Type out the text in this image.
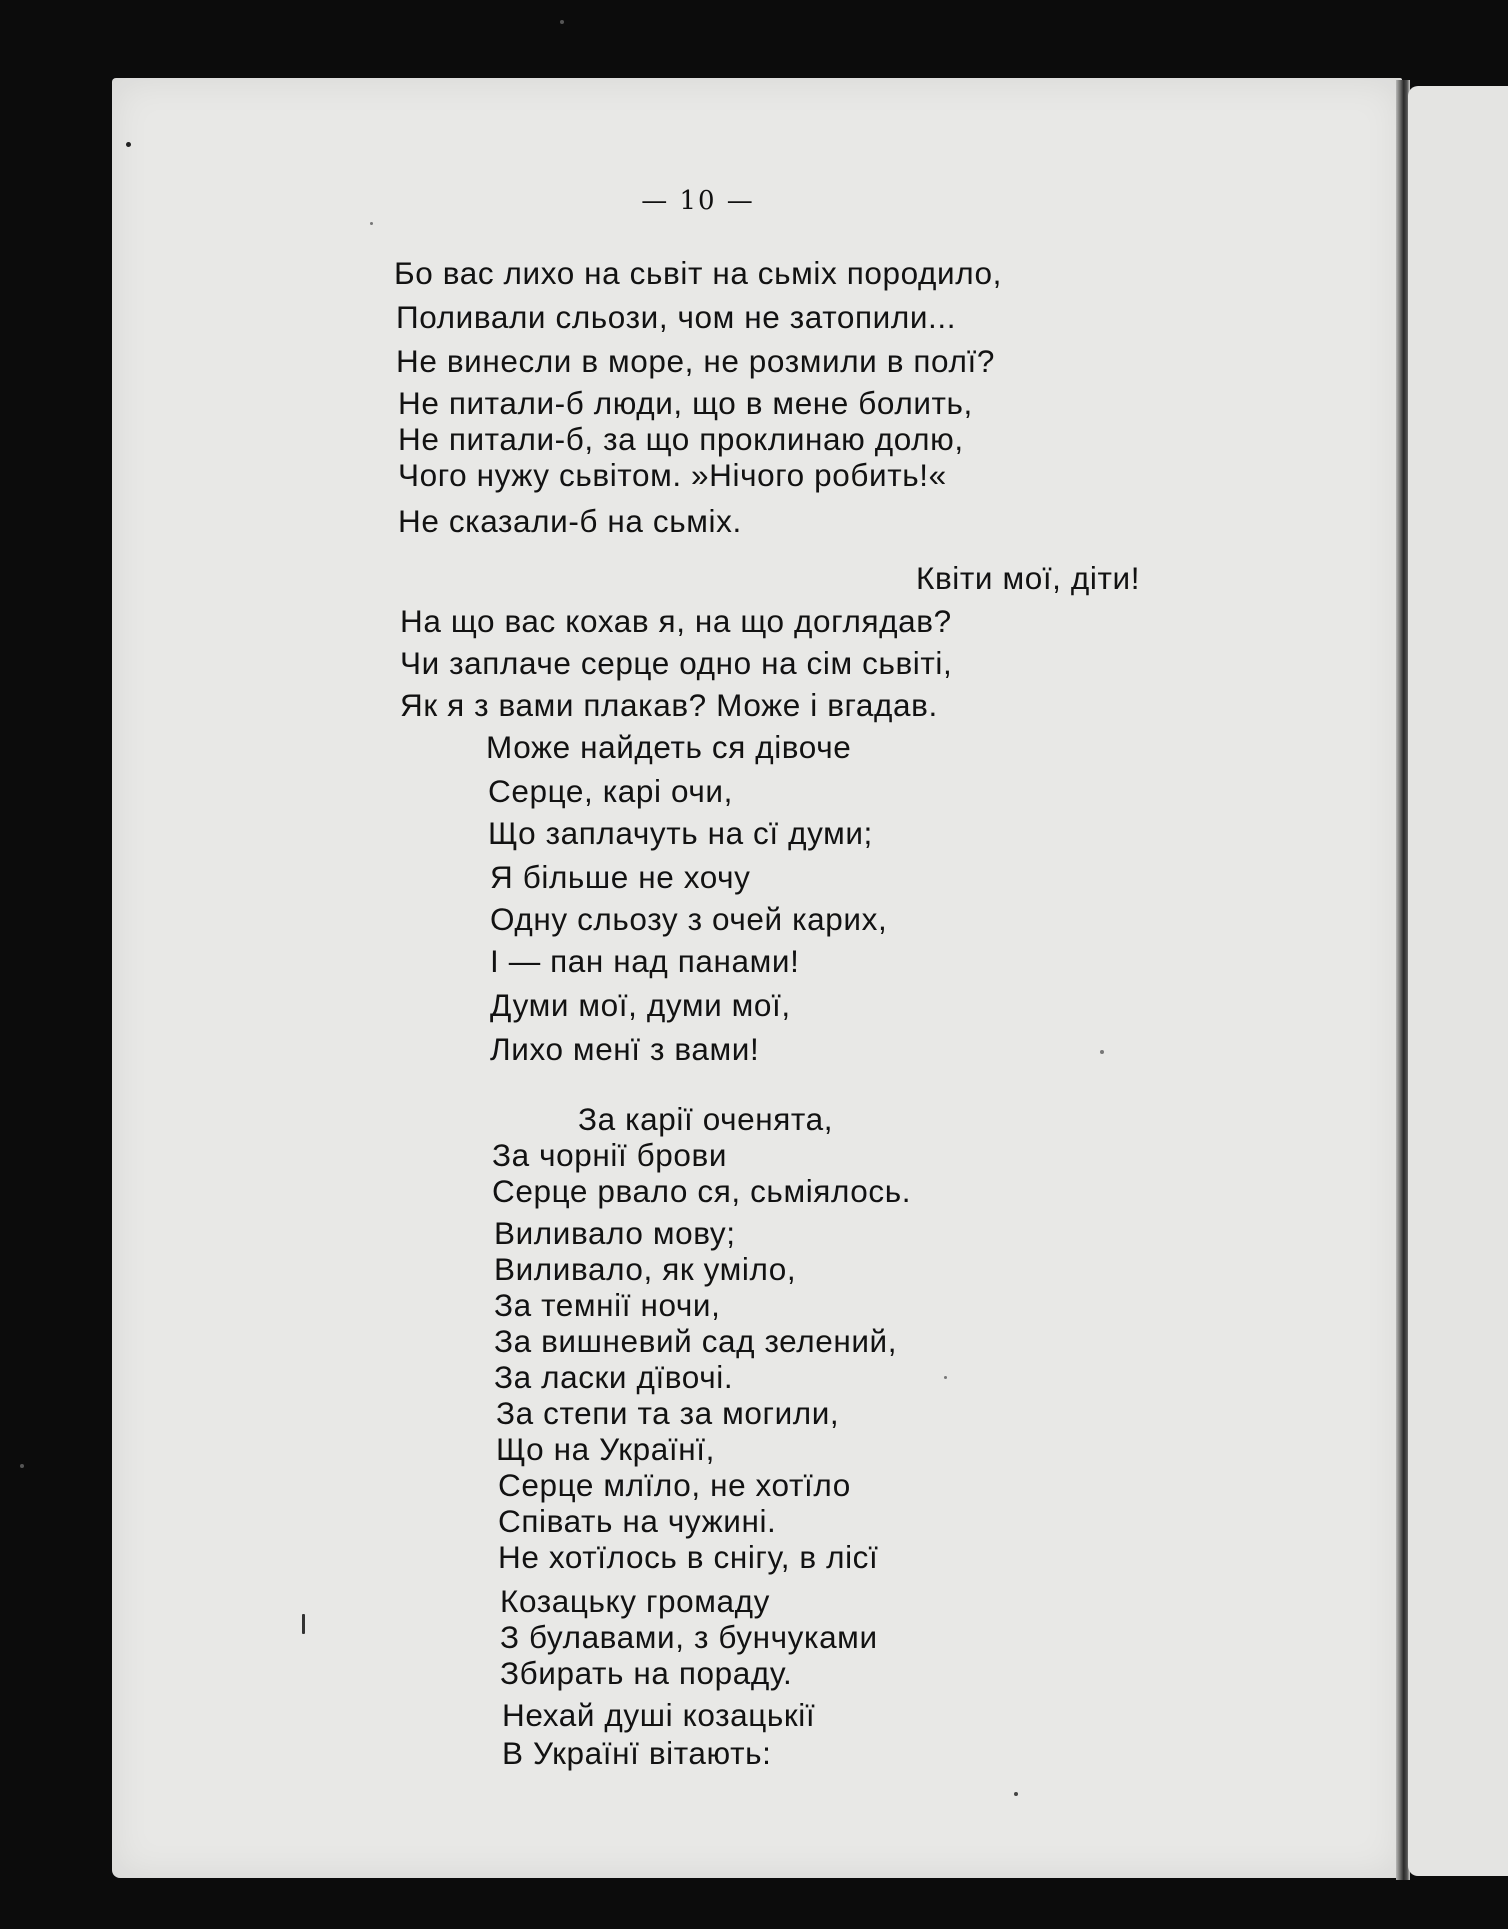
— 10 —
Бо вас лихо на сьвіт на сьміх породило,
Поливали сльози, чом не затопили...
Не винесли в море, не розмили в полї?
Не питали-б люди, що в мене болить,
Не питали-б, за що проклинаю долю,
Чого нужу сьвітом. »Нічого робить!«
Не сказали-б на сьміх.
Квіти мої, діти!
На що вас кохав я, на що доглядав?
Чи заплаче серце одно на сім сьвіті,
Як я з вами плакав? Може і вгадав.
Може найдеть ся дівоче
Серце, карі очи,
Що заплачуть на сї думи;
Я більше не хочу
Одну сльозу з очей карих,
І — пан над панами!
Думи мої, думи мої,
Лихо менї з вами!
За карії оченята,
За чорнії брови
Серце рвало ся, сьміялось.
Виливало мову;
Виливало, як уміло,
За темнії ночи,
За вишневий сад зелений,
За ласки дївочі.
За степи та за могили,
Що на Українї,
Серце млїло, не хотїло
Співать на чужині.
Не хотїлось в снігу, в лісї
Козацьку громаду
З булавами, з бунчуками
Збирать на пораду.
Нехай душі козацькії
В Українї вітають:
